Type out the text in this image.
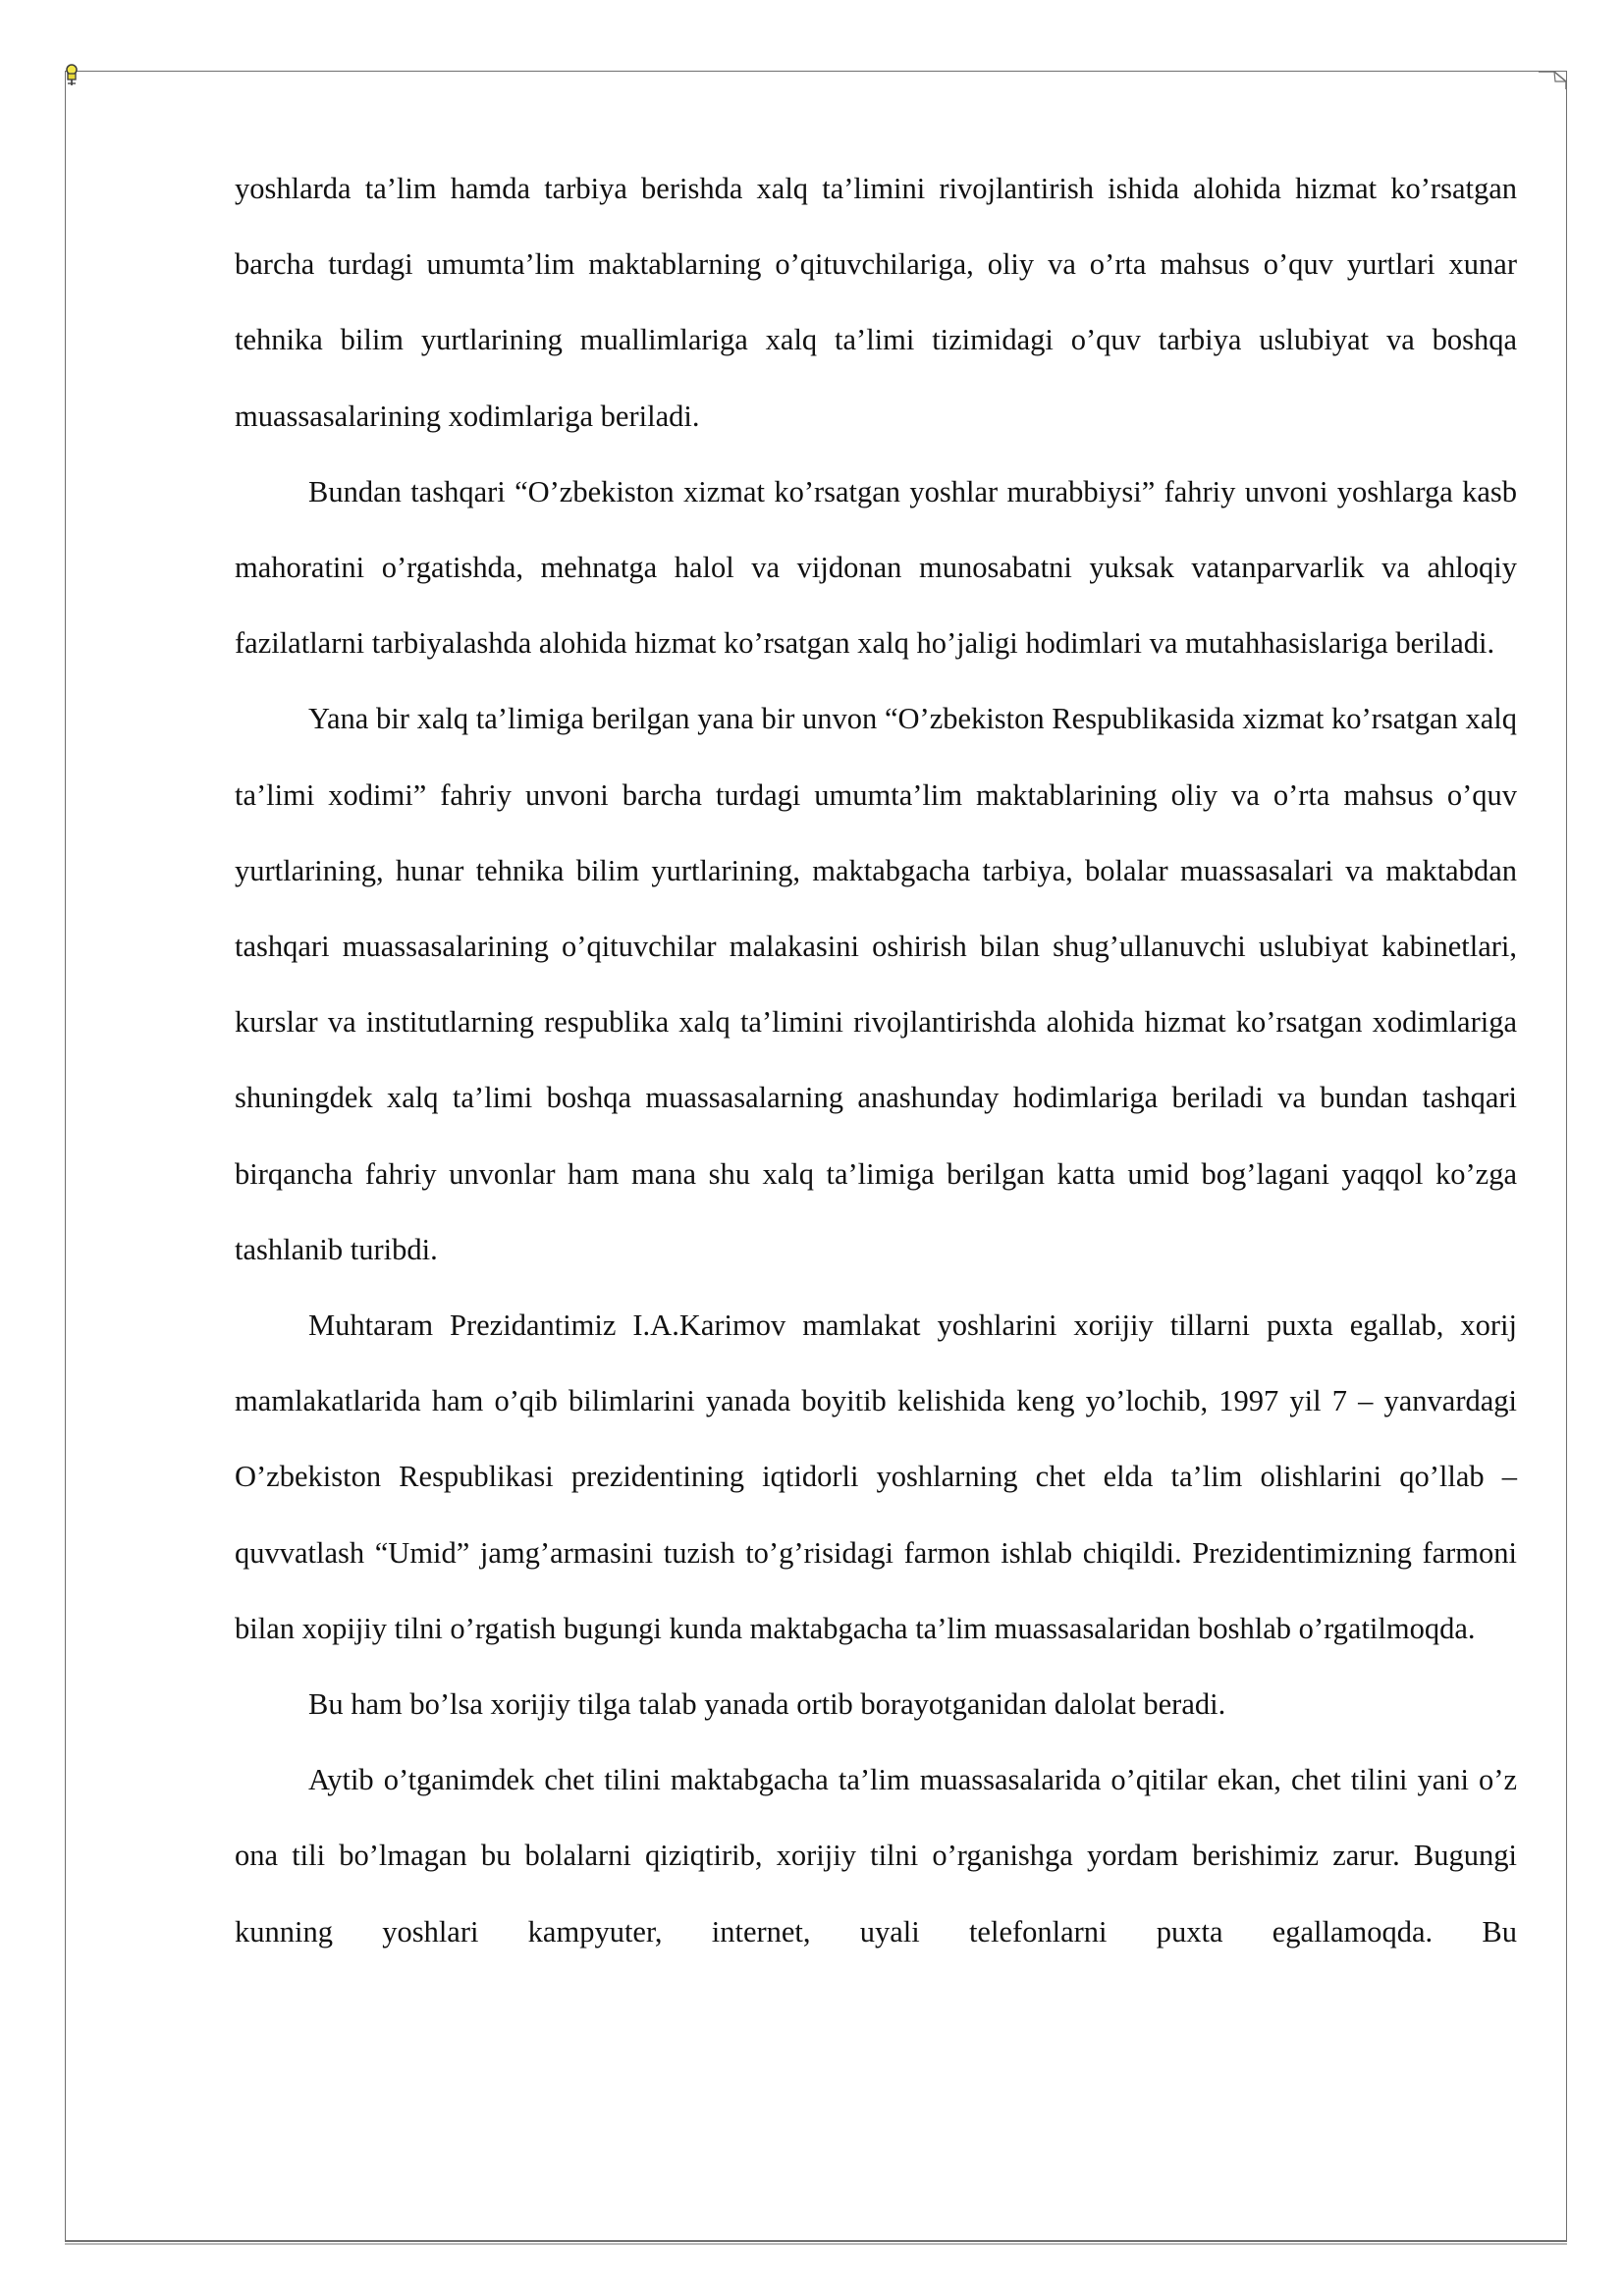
yoshlarda ta’lim hamda tarbiya berishda xalq ta’limini rivojlantirish ishida alohida hizmat ko’rsatgan barcha turdagi umumta’lim maktablarning o’qituvchilariga, oliy va o’rta mahsus o’quv yurtlari xunar tehnika bilim yurtlarining muallimlariga xalq ta’limi tizimidagi o’quv tarbiya uslubiyat va boshqa muassasalarining xodimlariga beriladi.

Bundan tashqari “O’zbekiston xizmat ko’rsatgan yoshlar murabbiysi” fahriy unvoni yoshlarga kasb mahoratini o’rgatishda, mehnatga halol va vijdonan munosabatni yuksak vatanparvarlik va ahloqiy fazilatlarni tarbiyalashda alohida hizmat ko’rsatgan xalq ho’jaligi hodimlari va mutahhasislariga beriladi.

Yana bir xalq ta’limiga berilgan yana bir unvon “O’zbekiston Respublikasida xizmat ko’rsatgan xalq ta’limi xodimi” fahriy unvoni barcha turdagi umumta’lim maktablarining oliy va o’rta mahsus o’quv yurtlarining, hunar tehnika bilim yurtlarining, maktabgacha tarbiya, bolalar muassasalari va maktabdan tashqari muassasalarining o’qituvchilar malakasini oshirish bilan shug’ullanuvchi uslubiyat kabinetlari, kurslar va institutlarning respublika xalq ta’limini rivojlantirishda alohida hizmat ko’rsatgan xodimlariga shuningdek xalq ta’limi boshqa muassasalarning anashunday hodimlariga beriladi va bundan tashqari birqancha fahriy unvonlar ham mana shu xalq ta’limiga berilgan katta umid bog’lagani yaqqol ko’zga tashlanib turibdi.

Muhtaram Prezidantimiz I.A.Karimov mamlakat yoshlarini xorijiy tillarni puxta egallab, xorij mamlakatlarida ham o’qib bilimlarini yanada boyitib kelishida keng yo’lochib, 1997 yil 7 – yanvardagi O’zbekiston Respublikasi prezidentining iqtidorli yoshlarning chet elda ta’lim olishlarini qo’llab – quvvatlash “Umid” jamg’armasini tuzish to’g’risidagi farmon ishlab chiqildi. Prezidentimizning farmoni bilan xopijiy tilni o’rgatish bugungi kunda maktabgacha ta’lim muassasalaridan boshlab o’rgatilmoqda.

Bu ham bo’lsa xorijiy tilga talab yanada ortib borayotganidan dalolat beradi.

Aytib o’tganimdek chet tilini maktabgacha ta’lim muassasalarida o’qitilar ekan, chet tilini yani o’z ona tili bo’lmagan bu bolalarni qiziqtirib, xorijiy tilni o’rganishga yordam berishimiz zarur. Bugungi kunning yoshlari kampyuter, internet, uyali telefonlarni puxta egallamoqda. Bu
